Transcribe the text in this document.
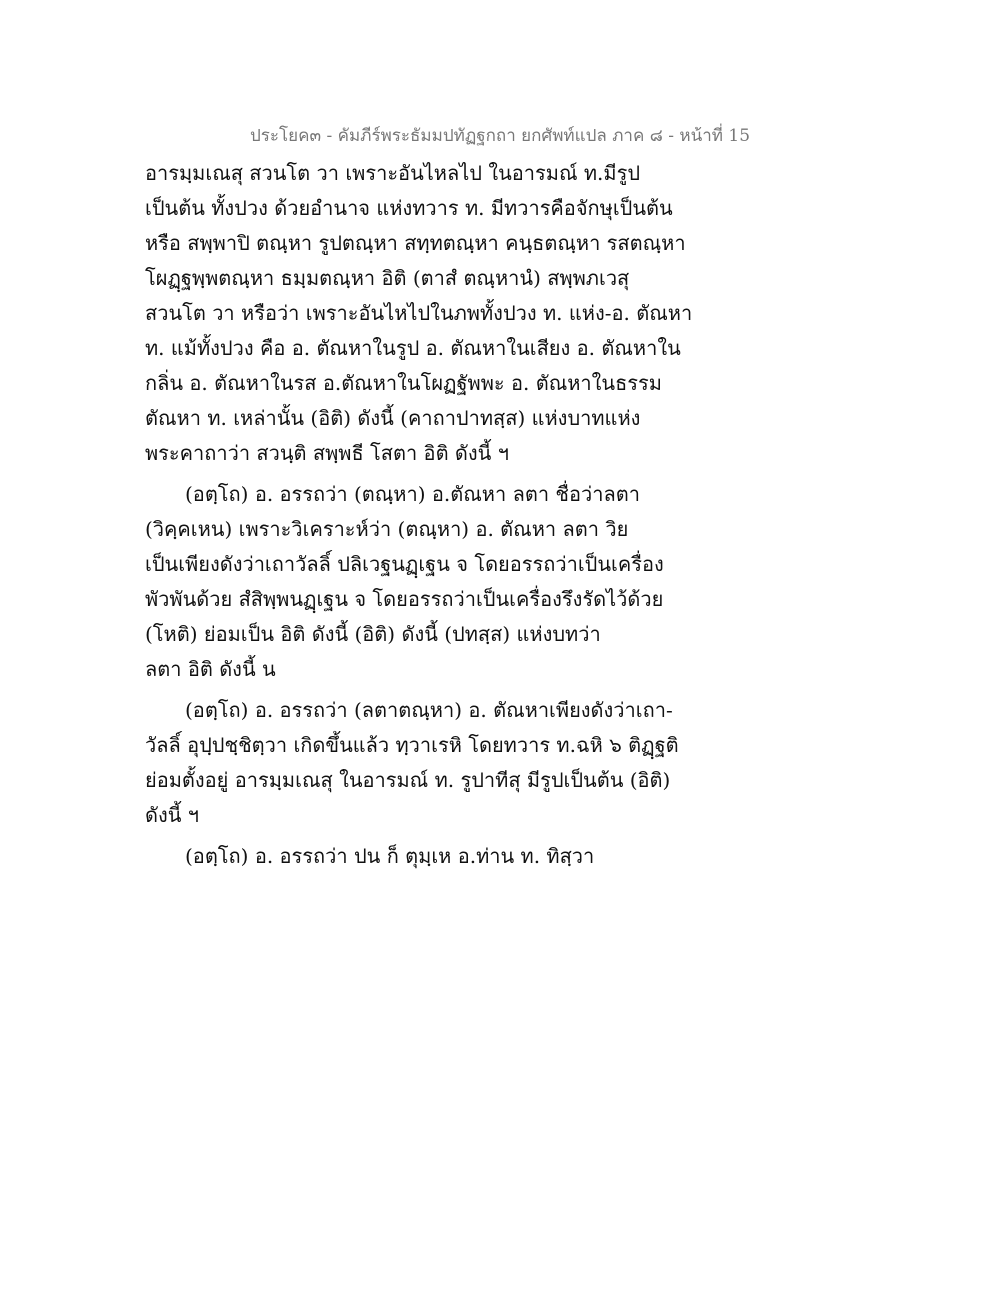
ประโยค๓ - คัมภีร์พระธัมมปทัฏฐกถา ยกศัพท์แปล ภาค ๘ - หน้าที่ 15
อารมฺมเณสุ สวนโต วา เพราะอันไหลไป ในอารมณ์ ท.มีรูป
เป็นต้น ทั้งปวง ด้วยอำนาจ แห่งทวาร ท. มีทวารคือจักษุเป็นต้น
หรือ สพฺพาปิ ตณฺหา รูปตณฺหา สทฺทตณฺหา คนฺธตณฺหา รสตณฺหา
โผฏฺฐพฺพตณฺหา ธมฺมตณฺหา อิติ (ตาสํ ตณฺหานํ) สพฺพภเวสุ
สวนโต วา หรือว่า เพราะอันไหไปในภพทั้งปวง ท. แห่ง-อ. ตัณหา
ท. แม้ทั้งปวง คือ อ. ตัณหาในรูป อ. ตัณหาในเสียง อ. ตัณหาใน
กลิ่น อ. ตัณหาในรส อ.ตัณหาในโผฏฐัพพะ อ. ตัณหาในธรรม
ตัณหา ท. เหล่านั้น (อิติ) ดังนี้ (คาถาปาทสฺส) แห่งบาทแห่ง
พระคาถาว่า สวนฺติ สพฺพธี โสตา อิติ ดังนี้ ฯ
(อตฺโถ) อ. อรรถว่า (ตณฺหา) อ.ตัณหา ลตา ชื่อว่าลตา
(วิคฺคเหน) เพราะวิเคราะห์ว่า (ตณฺหา) อ. ตัณหา ลตา วิย
เป็นเพียงดังว่าเถาวัลลิ์ ปลิเวฐนฏฺเฐน จ โดยอรรถว่าเป็นเครื่อง
พัวพันด้วย สํสิพฺพนฏฺเฐน จ โดยอรรถว่าเป็นเครื่องรึงรัดไว้ด้วย
(โหติ) ย่อมเป็น อิติ ดังนี้ (อิติ) ดังนี้ (ปทสฺส) แห่งบทว่า
ลตา อิติ ดังนี้ น
(อตฺโถ) อ. อรรถว่า (ลตาตณฺหา) อ. ตัณหาเพียงดังว่าเถา-
วัลลิ์ อุปฺปชฺชิตฺวา เกิดขึ้นแล้ว ทฺวาเรหิ โดยทวาร ท.ฉหิ ๖ ติฏฺฐติ
ย่อมตั้งอยู่ อารมฺมเณสุ ในอารมณ์ ท. รูปาทีสุ มีรูปเป็นต้น (อิติ)
ดังนี้ ฯ
(อตฺโถ) อ. อรรถว่า ปน ก็ ตุมฺเห อ.ท่าน ท. ทิสฺวา
